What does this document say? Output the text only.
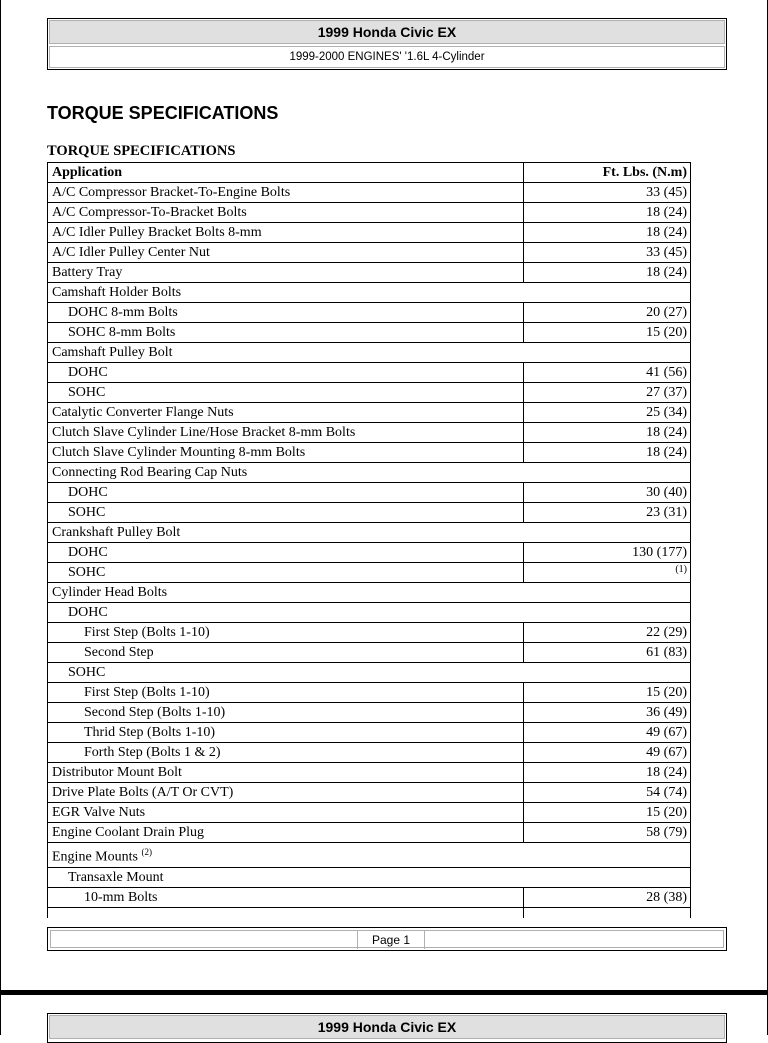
1999 Honda Civic EX
1999-2000 ENGINES' '1.6L 4-Cylinder
TORQUE SPECIFICATIONS
TORQUE SPECIFICATIONS
Application	Ft. Lbs. (N.m)
A/C Compressor Bracket-To-Engine Bolts	33 (45)
A/C Compressor-To-Bracket Bolts	18 (24)
A/C Idler Pulley Bracket Bolts 8-mm	18 (24)
A/C Idler Pulley Center Nut	33 (45)
Battery Tray	18 (24)
Camshaft Holder Bolts	
DOHC 8-mm Bolts	20 (27)
SOHC 8-mm Bolts	15 (20)
Camshaft Pulley Bolt	
DOHC	41 (56)
SOHC	27 (37)
Catalytic Converter Flange Nuts	25 (34)
Clutch Slave Cylinder Line/Hose Bracket 8-mm Bolts	18 (24)
Clutch Slave Cylinder Mounting 8-mm Bolts	18 (24)
Connecting Rod Bearing Cap Nuts	
DOHC	30 (40)
SOHC	23 (31)
Crankshaft Pulley Bolt	
DOHC	130 (177)
SOHC	(1)
Cylinder Head Bolts	
DOHC	
First Step (Bolts 1-10)	22 (29)
Second Step	61 (83)
SOHC	
First Step (Bolts 1-10)	15 (20)
Second Step (Bolts 1-10)	36 (49)
Thrid Step (Bolts 1-10)	49 (67)
Forth Step (Bolts 1 & 2)	49 (67)
Distributor Mount Bolt	18 (24)
Drive Plate Bolts (A/T Or CVT)	54 (74)
EGR Valve Nuts	15 (20)
Engine Coolant Drain Plug	58 (79)
Engine Mounts $^{(2)}$
Transaxle Mount	
10-mm Bolts	28 (38)

Page 1
1999 Honda Civic EX
